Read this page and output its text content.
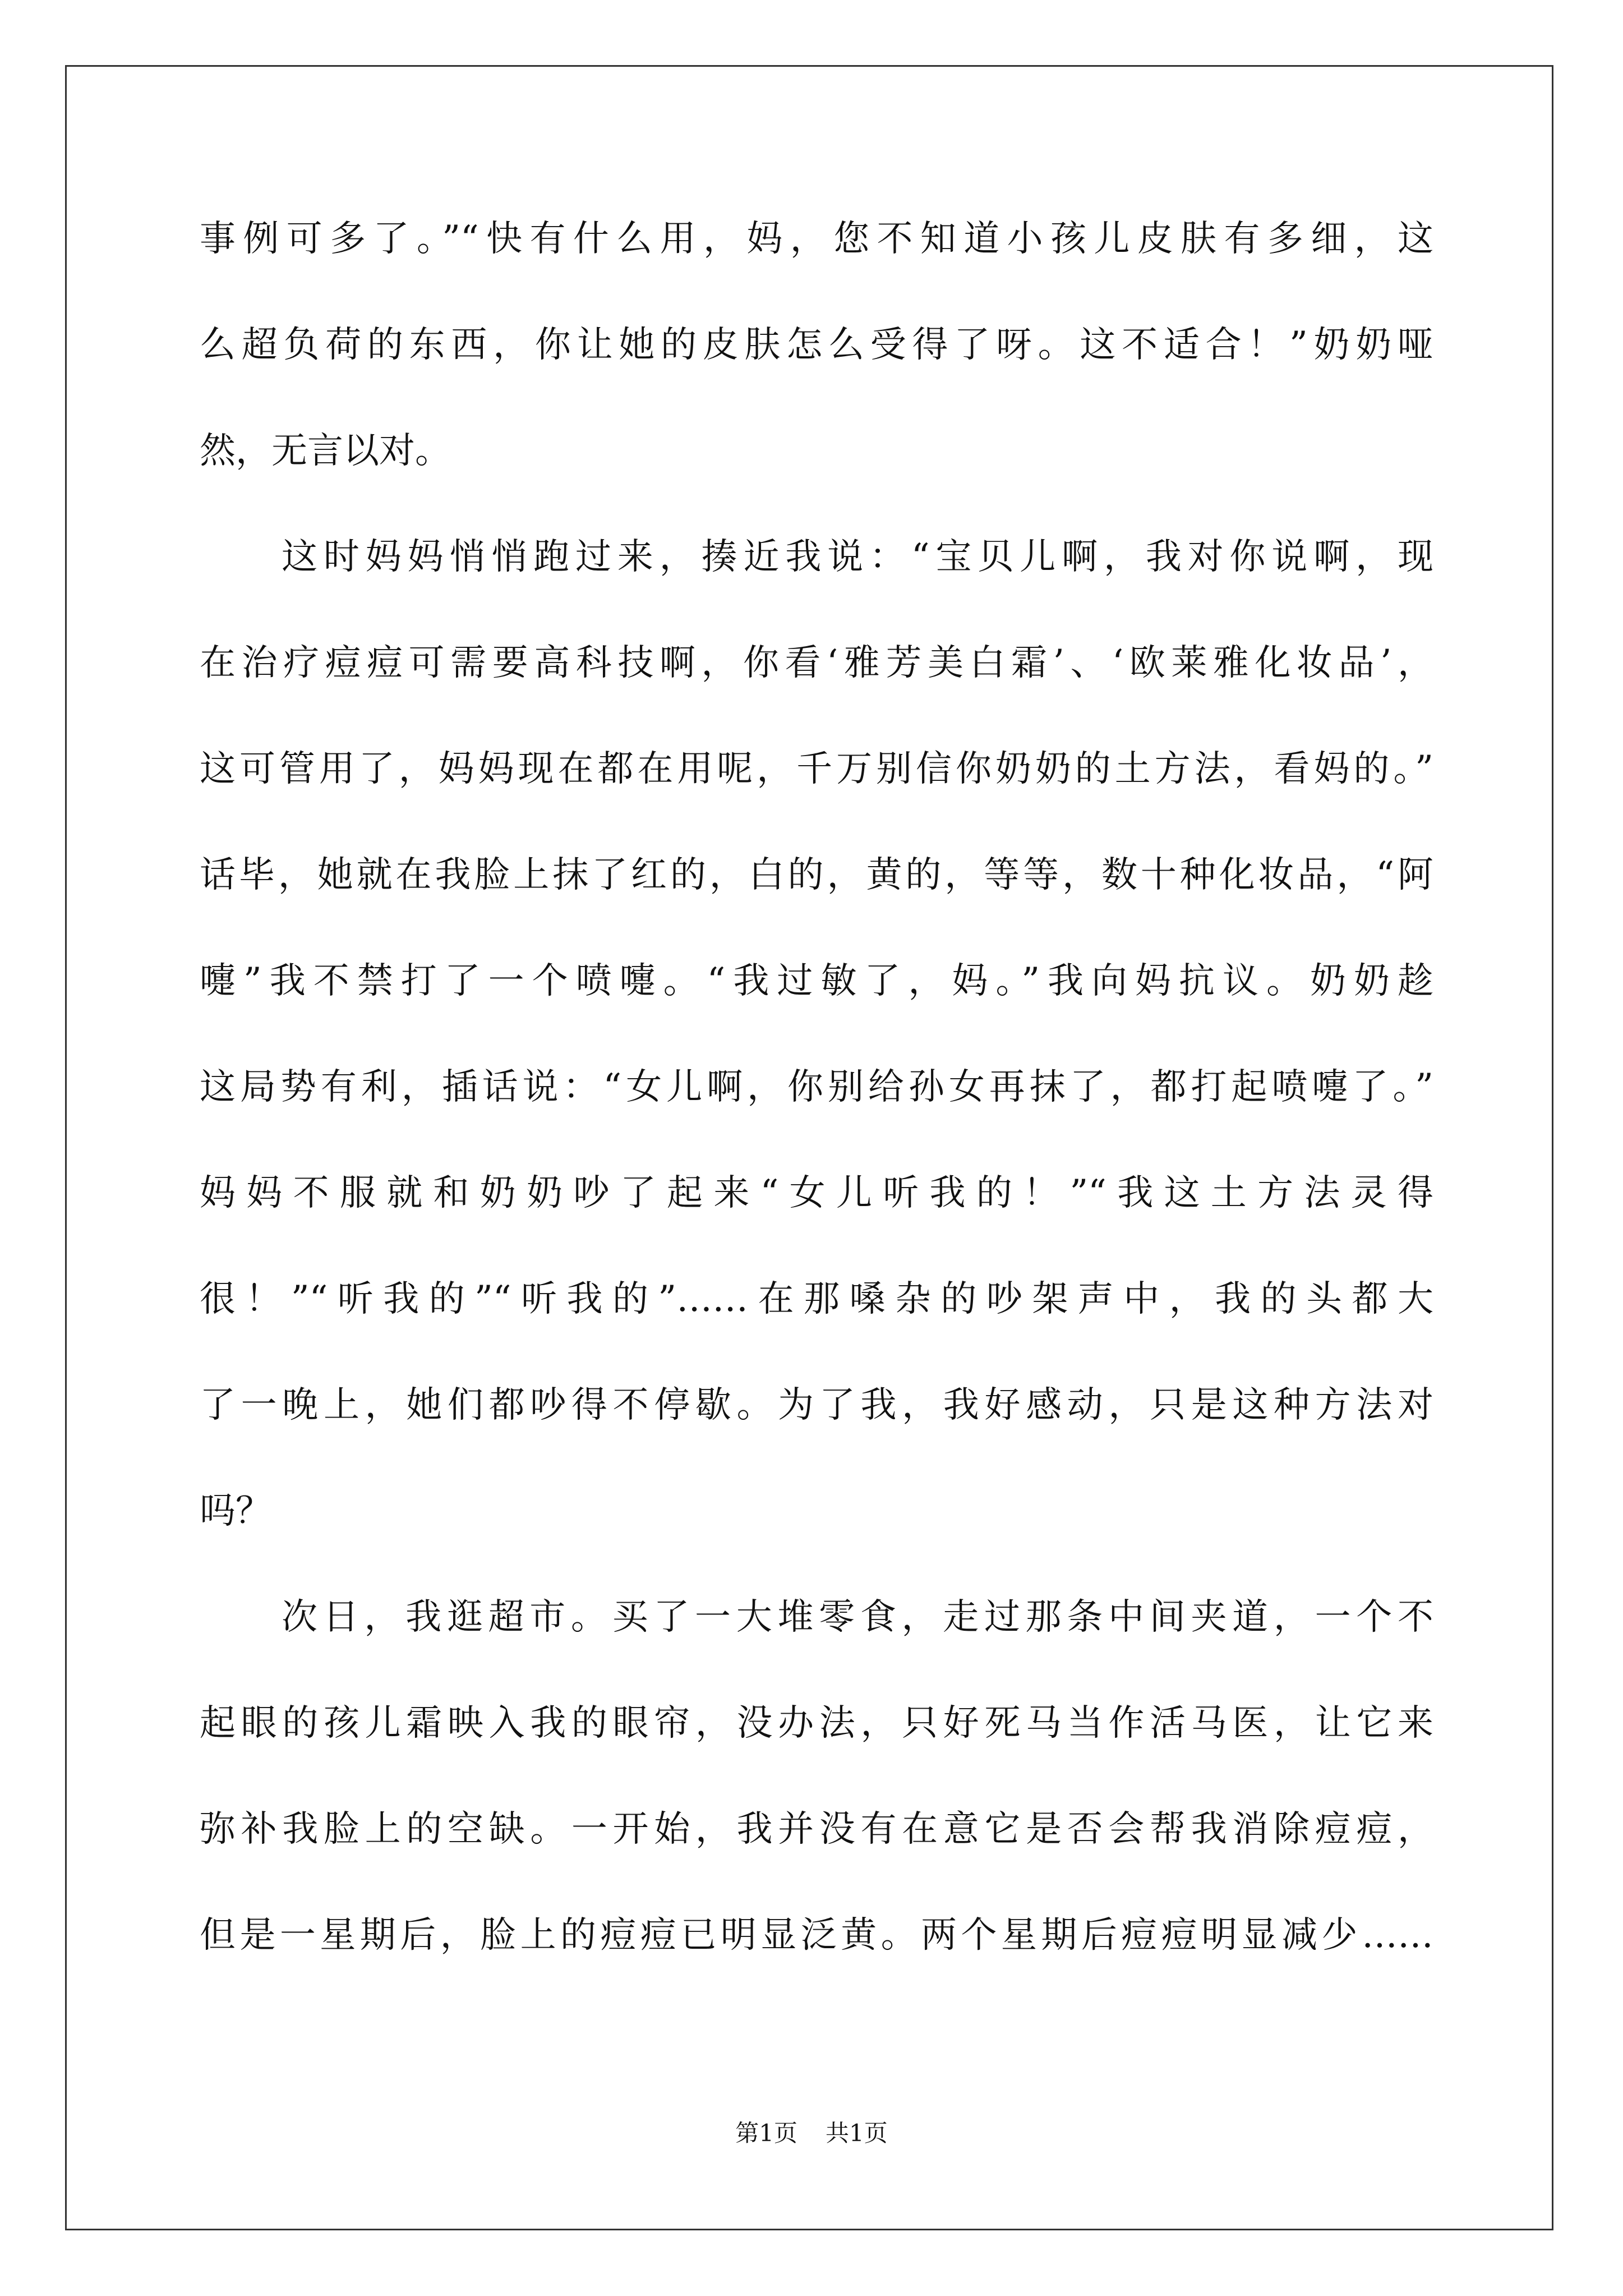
事例可多了。”“快有什么用，妈，您不知道小孩儿皮肤有多细，这
么超负荷的东西，你让她的皮肤怎么受得了呀。这不适合！”奶奶哑
然，无言以对。
这时妈妈悄悄跑过来，揍近我说：“宝贝儿啊，我对你说啊，现
在治疗痘痘可需要高科技啊，你看‘雅芳美白霜’、‘欧莱雅化妆品’，
这可管用了，妈妈现在都在用呢，千万别信你奶奶的土方法，看妈的。”
话毕，她就在我脸上抹了红的，白的，黄的，等等，数十种化妆品，“阿
嚏”我不禁打了一个喷嚏。“我过敏了，妈。”我向妈抗议。奶奶趁
这局势有利，插话说：“女儿啊，你别给孙女再抹了，都打起喷嚏了。”
妈妈不服就和奶奶吵了起来“女儿听我的！”“我这土方法灵得
很！”“听我的”“听我的”……在那嗓杂的吵架声中，我的头都大
了一晚上，她们都吵得不停歇。为了我，我好感动，只是这种方法对
吗？
次日，我逛超市。买了一大堆零食，走过那条中间夹道，一个不
起眼的孩儿霜映入我的眼帘，没办法，只好死马当作活马医，让它来
弥补我脸上的空缺。一开始，我并没有在意它是否会帮我消除痘痘，
但是一星期后，脸上的痘痘已明显泛黄。两个星期后痘痘明显减少……
第1页 共1页
